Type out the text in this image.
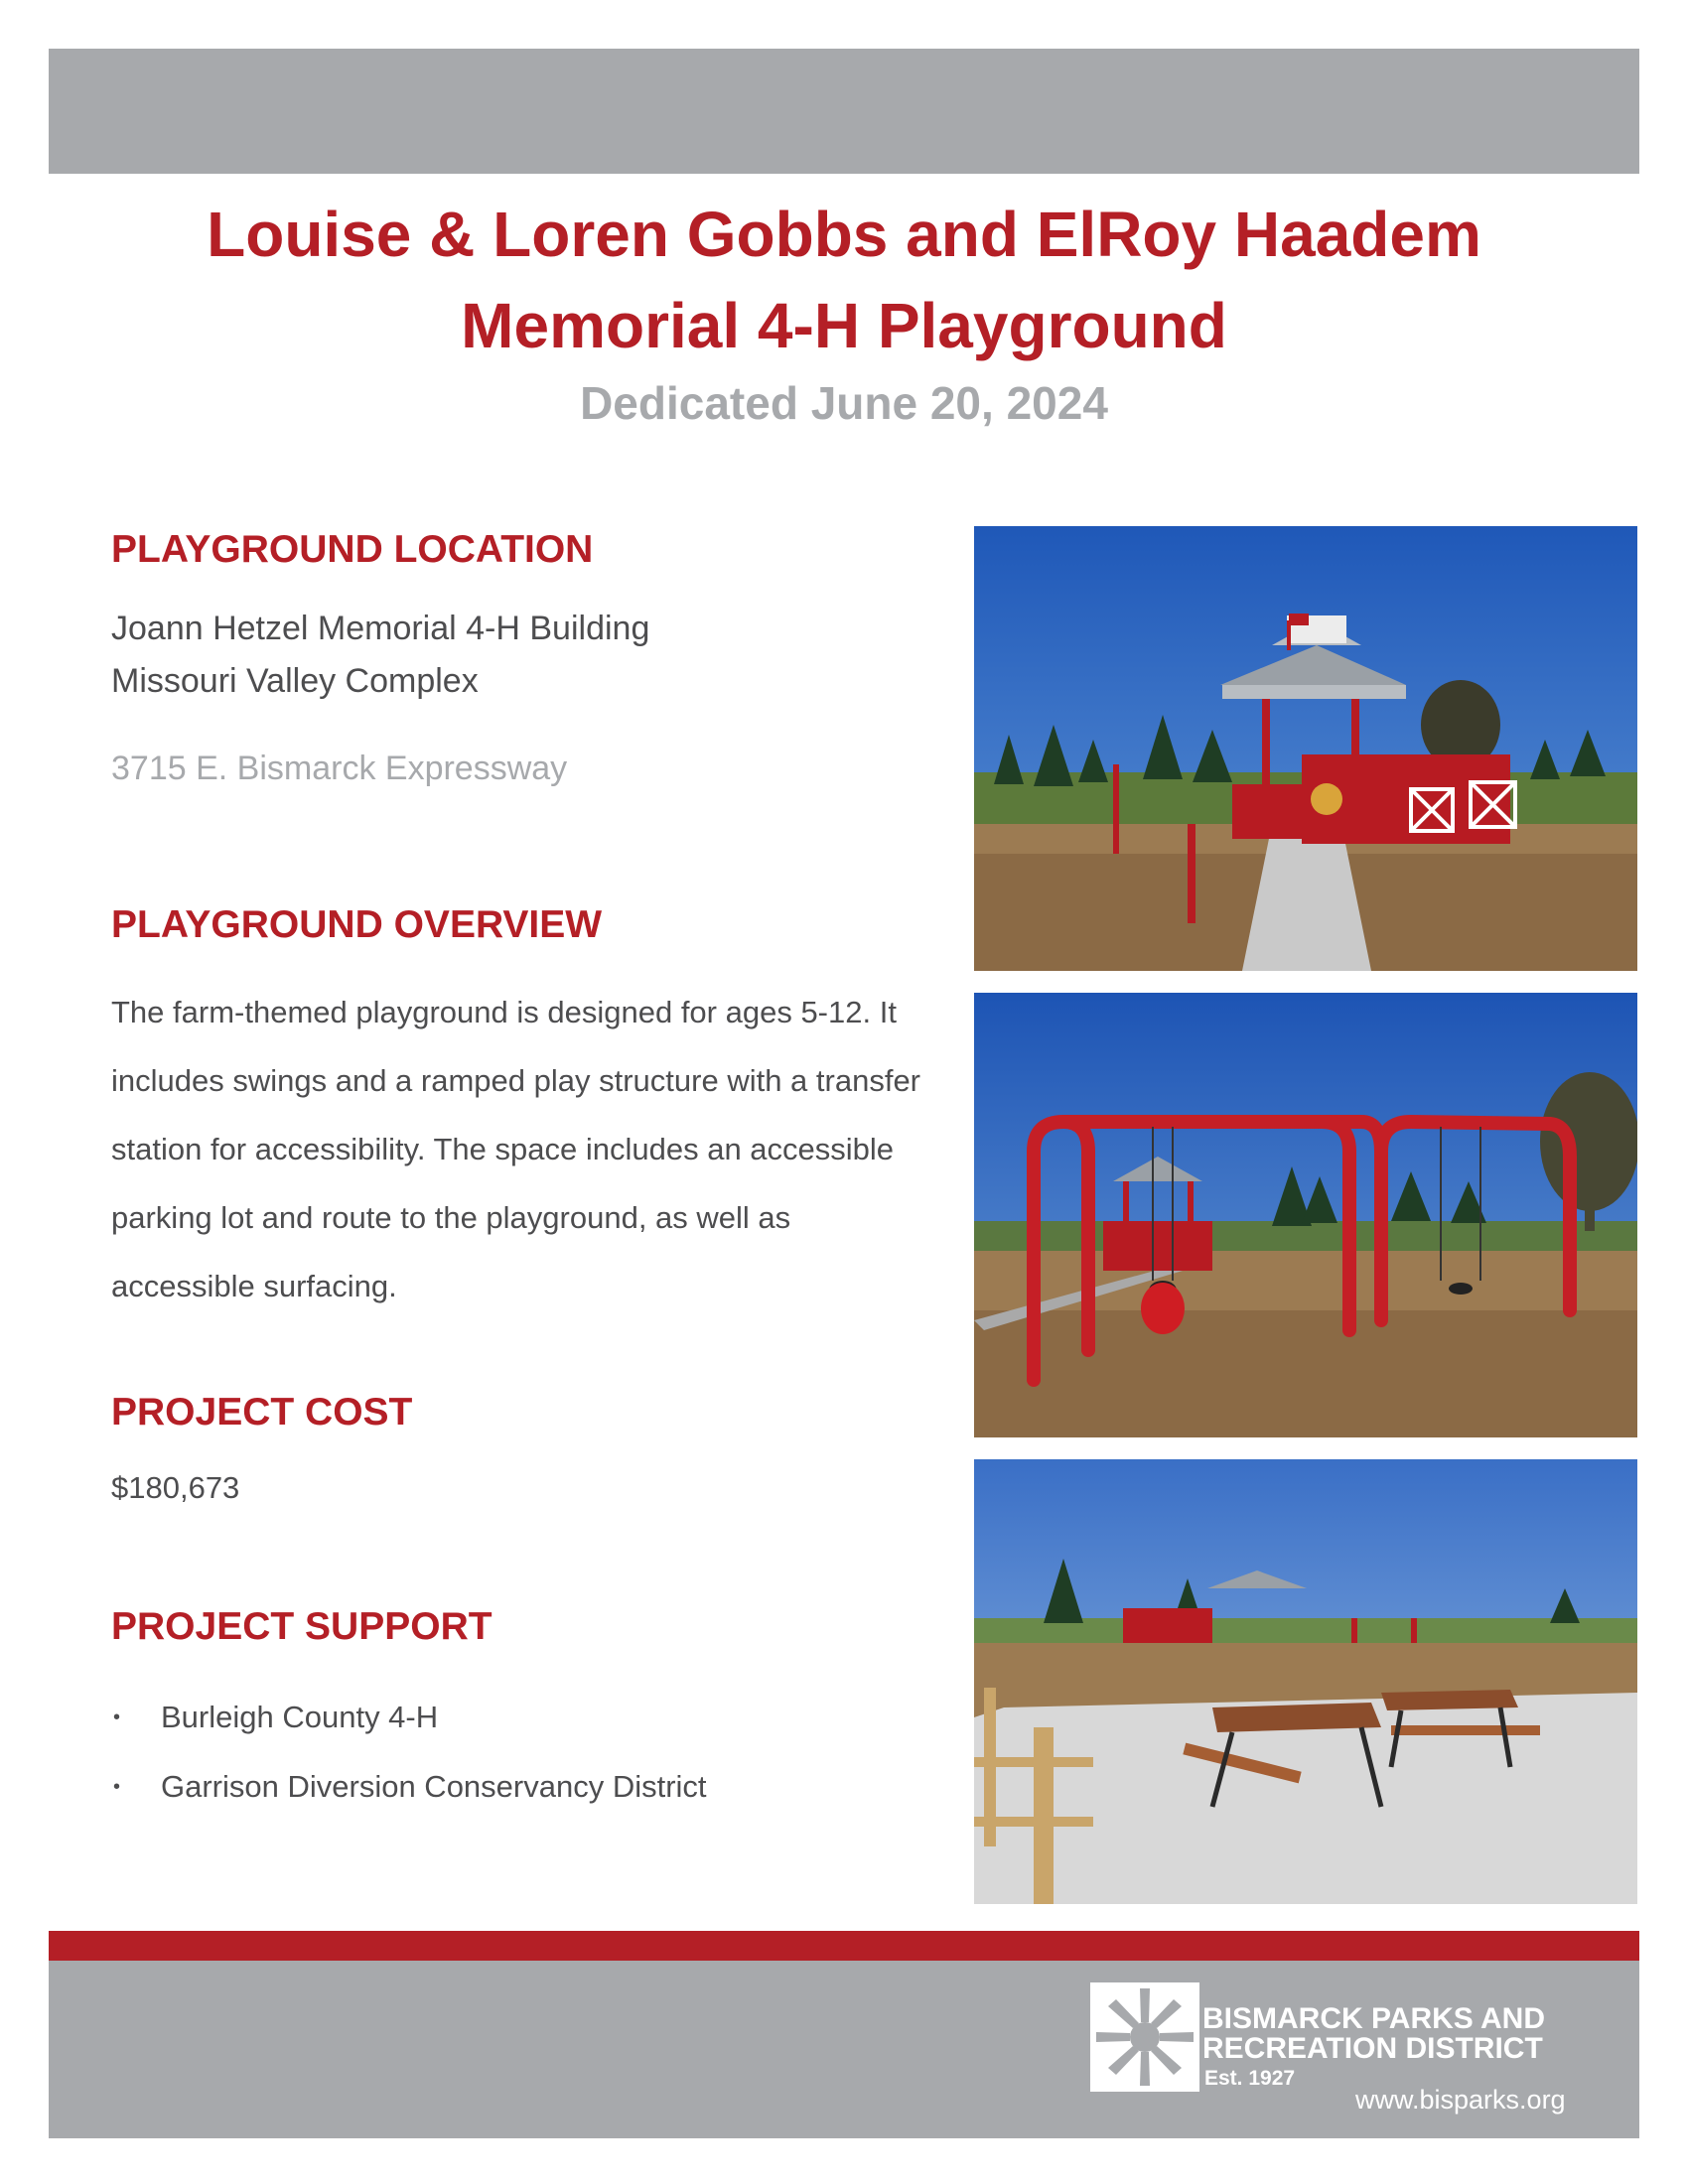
Louise & Loren Gobbs and ElRoy Haadem
Memorial 4-H Playground

Dedicated June 20, 2024

PLAYGROUND LOCATION

Joann Hetzel Memorial 4-H Building

Missouri Valley Complex

3715 E. Bismarck Expressway

PLAYGROUND OVERVIEW

The farm-themed playground is designed for ages 5-12. It includes swings and a ramped play structure with a transfer station for accessibility. The space includes an accessible parking lot and route to the playground, as well as accessible surfacing.

PROJECT COST

$180,673

PROJECT SUPPORT
• Burleigh County 4-H
• Garrison Diversion Conservancy District

BISMARCK PARKS AND
RECREATION DISTRICT

Est. 1927
www.bisparks.org
